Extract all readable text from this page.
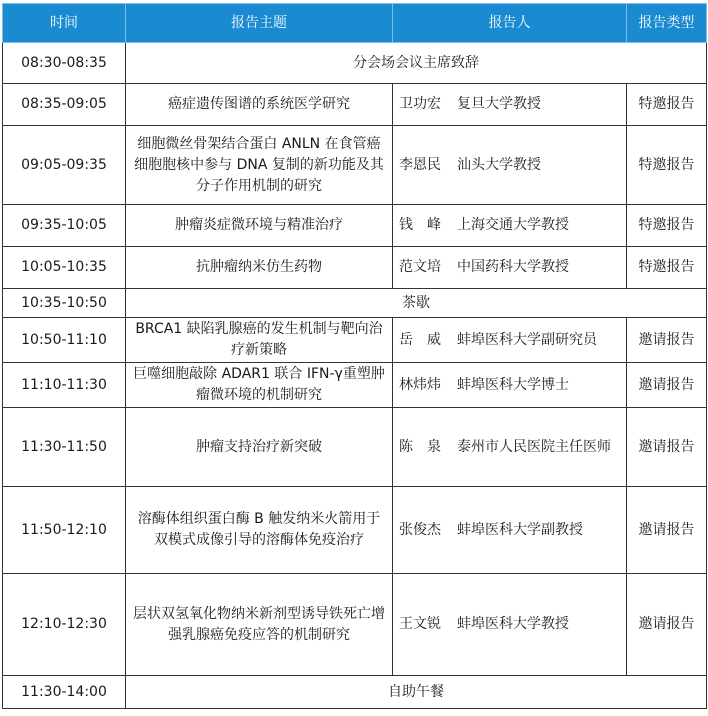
时间	报告主题	报告人	报告类型
08:30-08:35	分会场会议主席致辞		
08:35-09:05	癌症遗传图谱的系统医学研究	卫功宏 复旦大学教授	特邀报告
09:05-09:35	细胞微丝骨架结合蛋白 ANLN 在食管癌细胞胞核中参与 DNA 复制的新功能及其分子作用机制的研究	李恩民 汕头大学教授	特邀报告
09:35-10:05	肿瘤炎症微环境与精准治疗	钱　峰 上海交通大学教授	特邀报告
10:05-10:35	抗肿瘤纳米仿生药物	范文培 中国药科大学教授	特邀报告
10:35-10:50	茶歇		
10:50-11:10	BRCA1 缺陷乳腺癌的发生机制与靶向治疗新策略	岳　威 蚌埠医科大学副研究员	邀请报告
11:10-11:30	巨噬细胞敲除 ADAR1 联合 IFN-γ重塑肿瘤微环境的机制研究	林炜炜 蚌埠医科大学博士	邀请报告
11:30-11:50	肿瘤支持治疗新突破	陈　泉 泰州市人民医院主任医师	邀请报告
11:50-12:10	溶酶体组织蛋白酶 B 触发纳米火箭用于双模式成像引导的溶酶体免疫治疗	张俊杰 蚌埠医科大学副教授	邀请报告
12:10-12:30	层状双氢氧化物纳米新剂型诱导铁死亡增强乳腺癌免疫应答的机制研究	王文锐 蚌埠医科大学教授	邀请报告
11:30-14:00	自助午餐		
